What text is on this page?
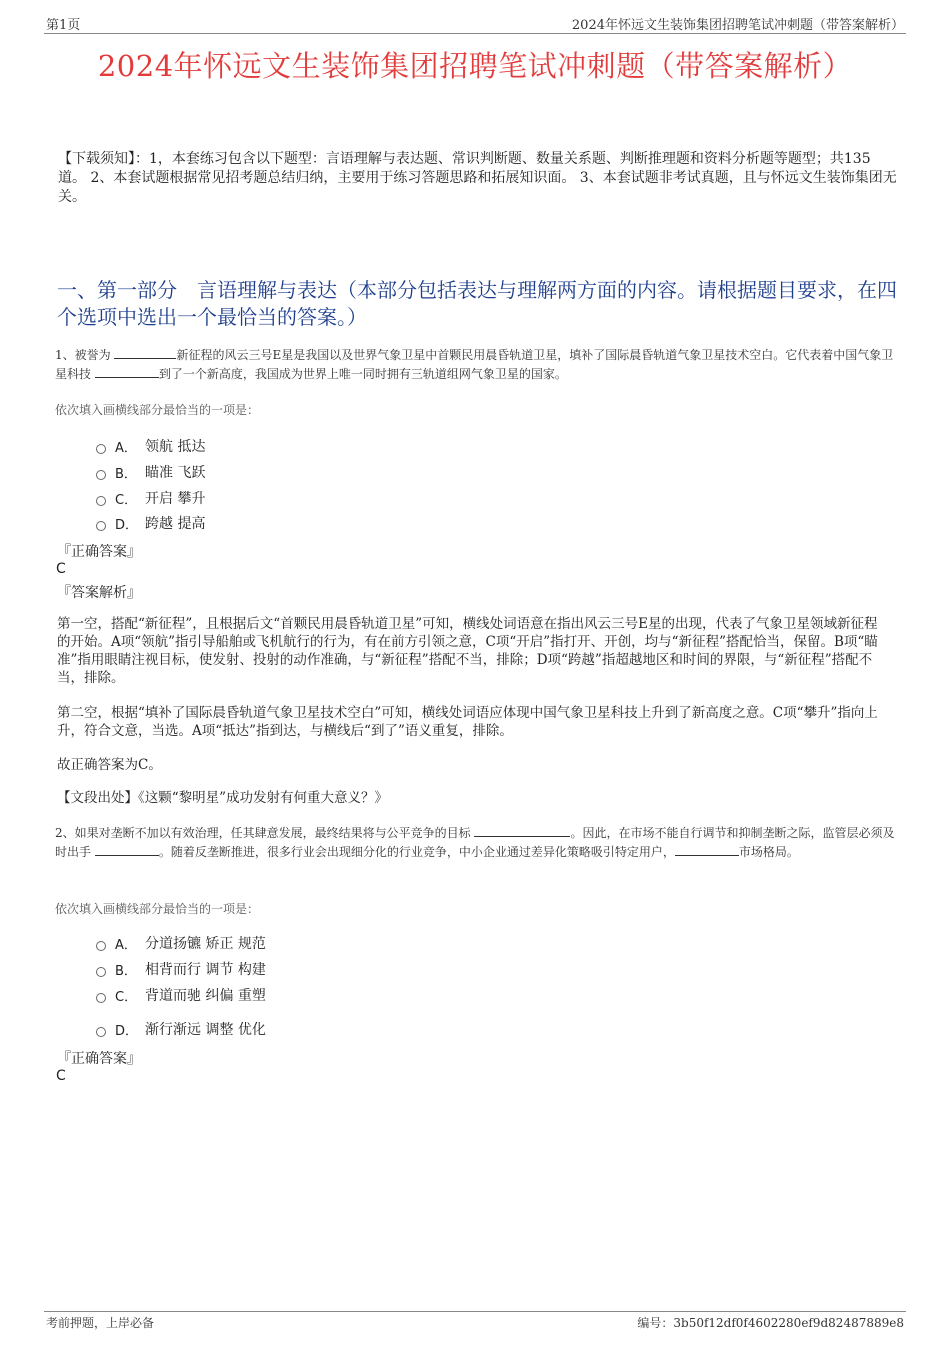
第1页	2024年怀远文生装饰集团招聘笔试冲刺题（带答案解析）
2024年怀远文生装饰集团招聘笔试冲刺题（带答案解析）
【下载须知】：1，本套练习包含以下题型：言语理解与表达题、常识判断题、数量关系题、判断推理题和资料分析题等题型；共135道。 2、本套试题根据常见招考题总结归纳，主要用于练习答题思路和拓展知识面。 3、本套试题非考试真题，且与怀远文生装饰集团无关。
一、第一部分　言语理解与表达（本部分包括表达与理解两方面的内容。请根据题目要求，在四个选项中选出一个最恰当的答案。）
1、被誉为	新征程的风云三号E星是我国以及世界气象卫星中首颗民用晨昏轨道卫星，填补了国际晨昏轨道气象卫星技术空白。它代表着中国气象卫星科技	到了一个新高度，我国成为世界上唯一同时拥有三轨道组网气象卫星的国家。
依次填入画横线部分最恰当的一项是：
A． 领航 抵达
B． 瞄准 飞跃
C． 开启 攀升
D． 跨越 提高
『正确答案』
C
『答案解析』
第一空，搭配“新征程”，且根据后文“首颗民用晨昏轨道卫星”可知，横线处词语意在指出风云三号E星的出现，代表了气象卫星领域新征程的开始。A项“领航”指引导船舶或飞机航行的行为，有在前方引领之意，C项“开启”指打开、开创，均与“新征程”搭配恰当，保留。B项“瞄准”指用眼睛注视目标，使发射、投射的动作准确，与“新征程”搭配不当，排除；D项“跨越”指超越地区和时间的界限，与“新征程”搭配不当，排除。
第二空，根据“填补了国际晨昏轨道气象卫星技术空白”可知，横线处词语应体现中国气象卫星科技上升到了新高度之意。C项“攀升”指向上升，符合文意，当选。A项“抵达”指到达，与横线后“到了”语义重复，排除。
故正确答案为C。
【文段出处】《这颗“黎明星”成功发射有何重大意义？》
2、如果对垄断不加以有效治理，任其肆意发展，最终结果将与公平竞争的目标	。因此，在市场不能自行调节和抑制垄断之际，监管层必须及时出手	。随着反垄断推进，很多行业会出现细分化的行业竞争，中小企业通过差异化策略吸引特定用户，	市场格局。
依次填入画横线部分最恰当的一项是：
A． 分道扬镳 矫正 规范
B． 相背而行 调节 构建
C． 背道而驰 纠偏 重塑
D． 渐行渐远 调整 优化
『正确答案』
C
考前押题，上岸必备	编号：3b50f12df0f4602280ef9d82487889e8
